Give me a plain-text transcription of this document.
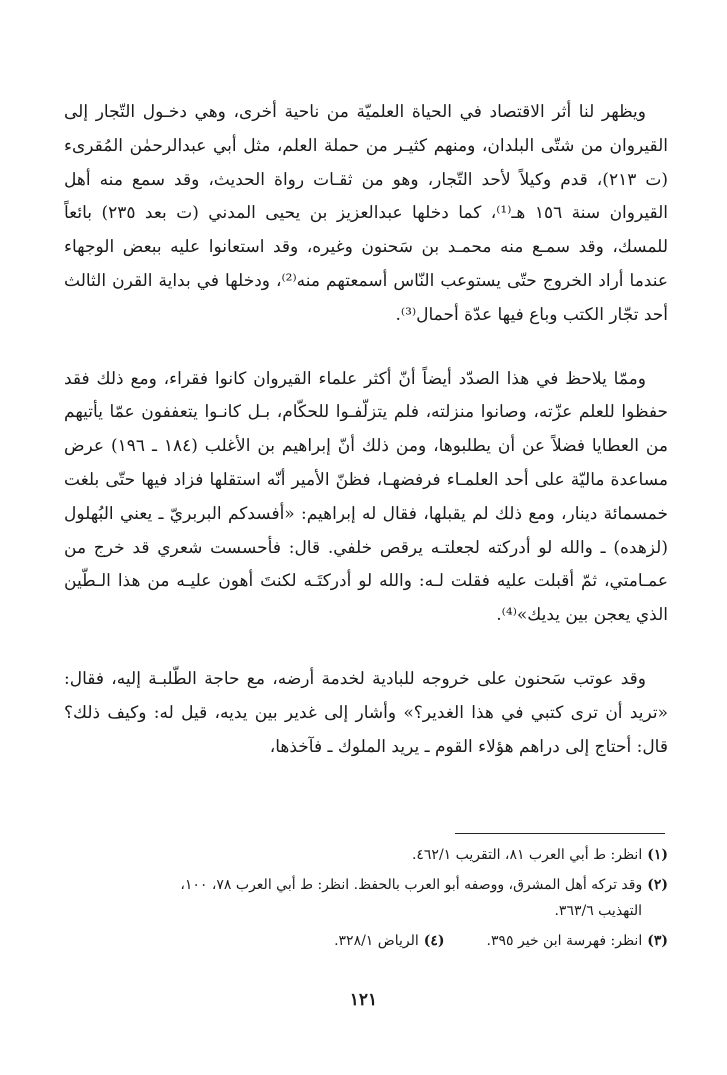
ويظهر لنا أثر الاقتصاد في الحياة العلميّة من ناحية أخرى، وهي دخـول التّجار إلى القيروان من شتّى البلدان، ومنهم كثيـر من حملة العلم، مثل أبي عبدالرحمٰن المُقرىء (ت ٢١٣)، قدم وكيلاً لأحد التّجار، وهو من ثقـات رواة الحديث، وقد سمع منه أهل القيروان سنة ١٥٦ هـ⁽¹⁾، كما دخلها عبدالعزيز بن يحيى المدني (ت بعد ٢٣٥) بائعاً للمسك، وقد سمـع منه محمـد بن سَحنون وغيره، وقد استعانوا عليه ببعض الوجهاء عندما أراد الخروج حتّى يستوعب النّاس أسمعتهم منه⁽²⁾، ودخلها في بداية القرن الثالث أحد تجّار الكتب وباع فيها عدّة أحمال⁽³⁾.

وممّا يلاحظ في هذا الصدّد أيضاً أنّ أكثر علماء القيروان كانوا فقراء، ومع ذلك فقد حفظوا للعلم عزّته، وصانوا منزلته، فلم يتزلّفـوا للحكّام، بـل كانـوا يتعففون عمّا يأتيهم من العطايا فضلاً عن أن يطلبوها، ومن ذلك أنّ إبراهيم بن الأغلب (١٨٤ ـ ١٩٦) عرض مساعدة ماليّة على أحد العلمـاء فرفضهـا، فظنّ الأمير أنّه استقلها فزاد فيها حتّى بلغت خمسمائة دينار، ومع ذلك لم يقبلها، فقال له إبراهيم: «أفسدكم البربريّ ـ يعني البُهلول (لزهده) ـ والله لو أدركته لجعلتـه يرقص خلفي. قال: فأحسست شعري قد خرج من عمـامتي، ثمّ أقبلت عليه فقلت لـه: والله لو أدركتَـه لكنتَ أهون عليـه من هذا الـطّين الذي يعجن بين يديك»⁽⁴⁾.

وقد عوتب سَحنون على خروجه للبادية لخدمة أرضه، مع حاجة الطّلبـة إليه، فقال: «تريد أن ترى كتبي في هذا الغدير؟» وأشار إلى غدير بين يديه، قيل له: وكيف ذلك؟ قال: أحتاج إلى دراهم هؤلاء القوم ـ يريد الملوك ـ فآخذها،

(١)انظر: ط أبي العرب ٨١، التقريب ٤٦٢/١.
(٢)وقد تركه أهل المشرق، ووصفه أبو العرب بالحفظ. انظر: ط أبي العرب ٧٨، ١٠٠،
التهذيب ٣٦٣/٦.
(٣)انظر: فهرسة ابن خير ٣٩٥.
(٤)الرياض ٣٢٨/١.
١٢١
